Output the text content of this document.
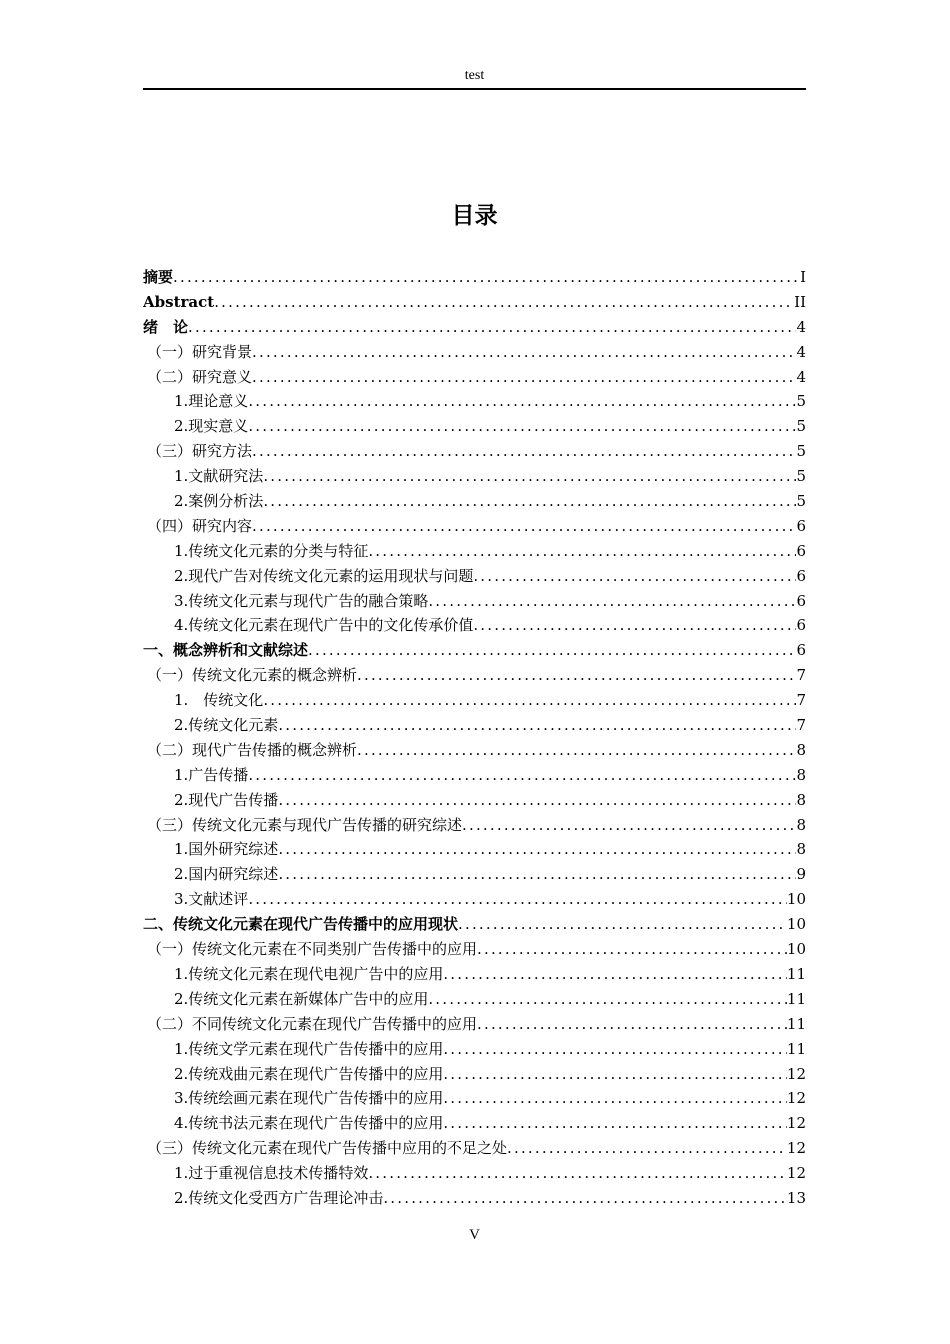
test
目录
摘要 .....	I
Abstract .....	II
绪　论 .....	4
（一）研究背景 .....	4
（二）研究意义 .....	4
1.理论意义 .....	5
2.现实意义 .....	5
（三）研究方法 .....	5
1.文献研究法 .....	5
2.案例分析法 .....	5
（四）研究内容 .....	6
1.传统文化元素的分类与特征 .....	6
2.现代广告对传统文化元素的运用现状与问题 .....	6
3.传统文化元素与现代广告的融合策略 .....	6
4.传统文化元素在现代广告中的文化传承价值 .....	6
一、概念辨析和文献综述 .....	6
（一）传统文化元素的概念辨析 .....	7
1.　传统文化 .....	7
2.传统文化元素 .....	7
（二）现代广告传播的概念辨析 .....	8
1.广告传播 .....	8
2.现代广告传播 .....	8
（三）传统文化元素与现代广告传播的研究综述 .....	8
1.国外研究综述 .....	8
2.国内研究综述 .....	9
3.文献述评 .....	10
二、传统文化元素在现代广告传播中的应用现状 .....	10
（一）传统文化元素在不同类别广告传播中的应用 .....	10
1.传统文化元素在现代电视广告中的应用 .....	11
2.传统文化元素在新媒体广告中的应用 .....	11
（二）不同传统文化元素在现代广告传播中的应用 .....	11
1.传统文学元素在现代广告传播中的应用 .....	11
2.传统戏曲元素在现代广告传播中的应用 .....	12
3.传统绘画元素在现代广告传播中的应用 .....	12
4.传统书法元素在现代广告传播中的应用 .....	12
（三）传统文化元素在现代广告传播中应用的不足之处 .....	12
1.过于重视信息技术传播特效 .....	12
2.传统文化受西方广告理论冲击 .....	13
V
